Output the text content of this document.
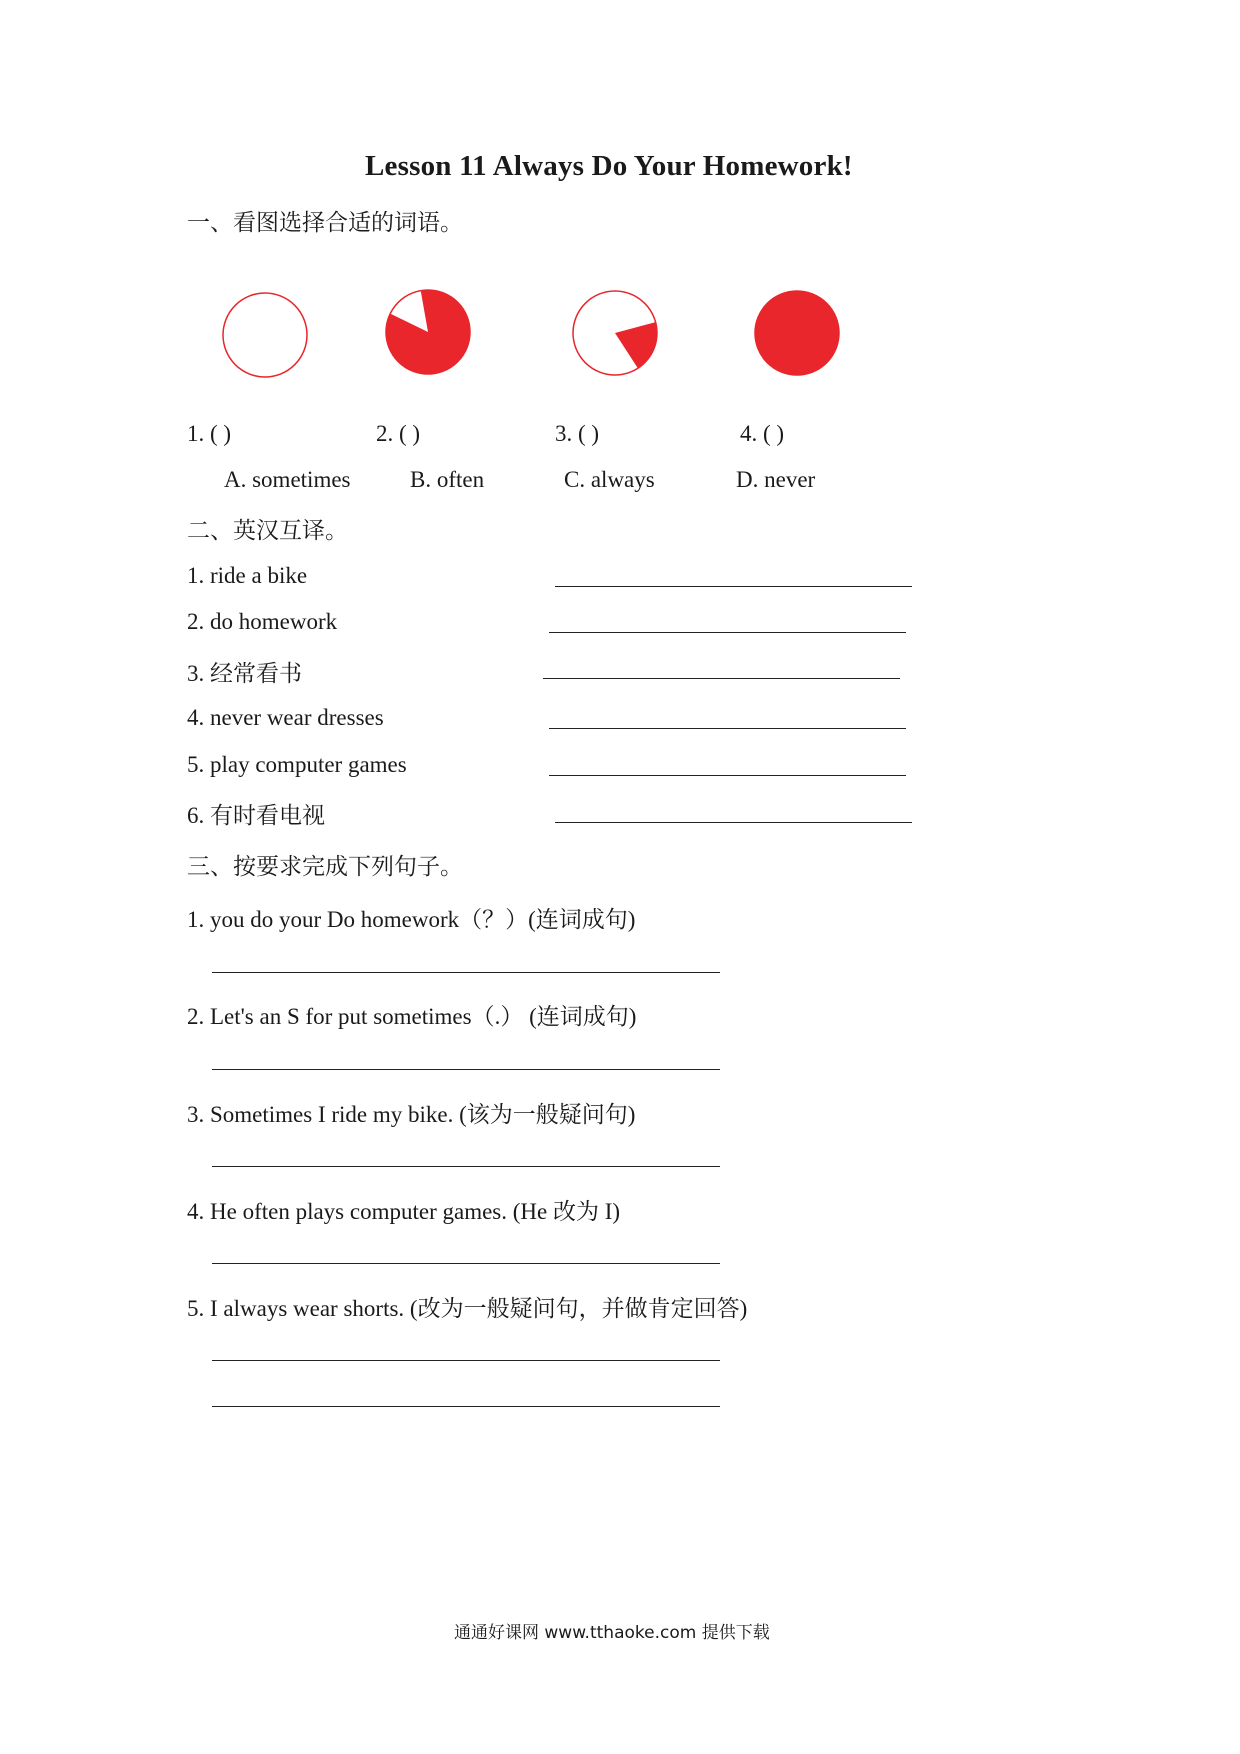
Lesson 11 Always Do Your Homework!
一、看图选择合适的词语。
1. ( )	2. ( )	3. ( )	4. ( )
A. sometimes	B. often	C. always	D. never
二、英汉互译。
1. ride a bike
2. do homework
3. 经常看书
4. never wear dresses
5. play computer games
6. 有时看电视
三、按要求完成下列句子。
1. you do your Do homework（？）(连词成句)
2. Let's an S for put sometimes（.） (连词成句)
3. Sometimes I ride my bike. (该为一般疑问句)
4. He often plays computer games. (He 改为 I)
5. I always wear shorts. (改为一般疑问句，并做肯定回答)
通通好课网 www.tthaoke.com 提供下载
